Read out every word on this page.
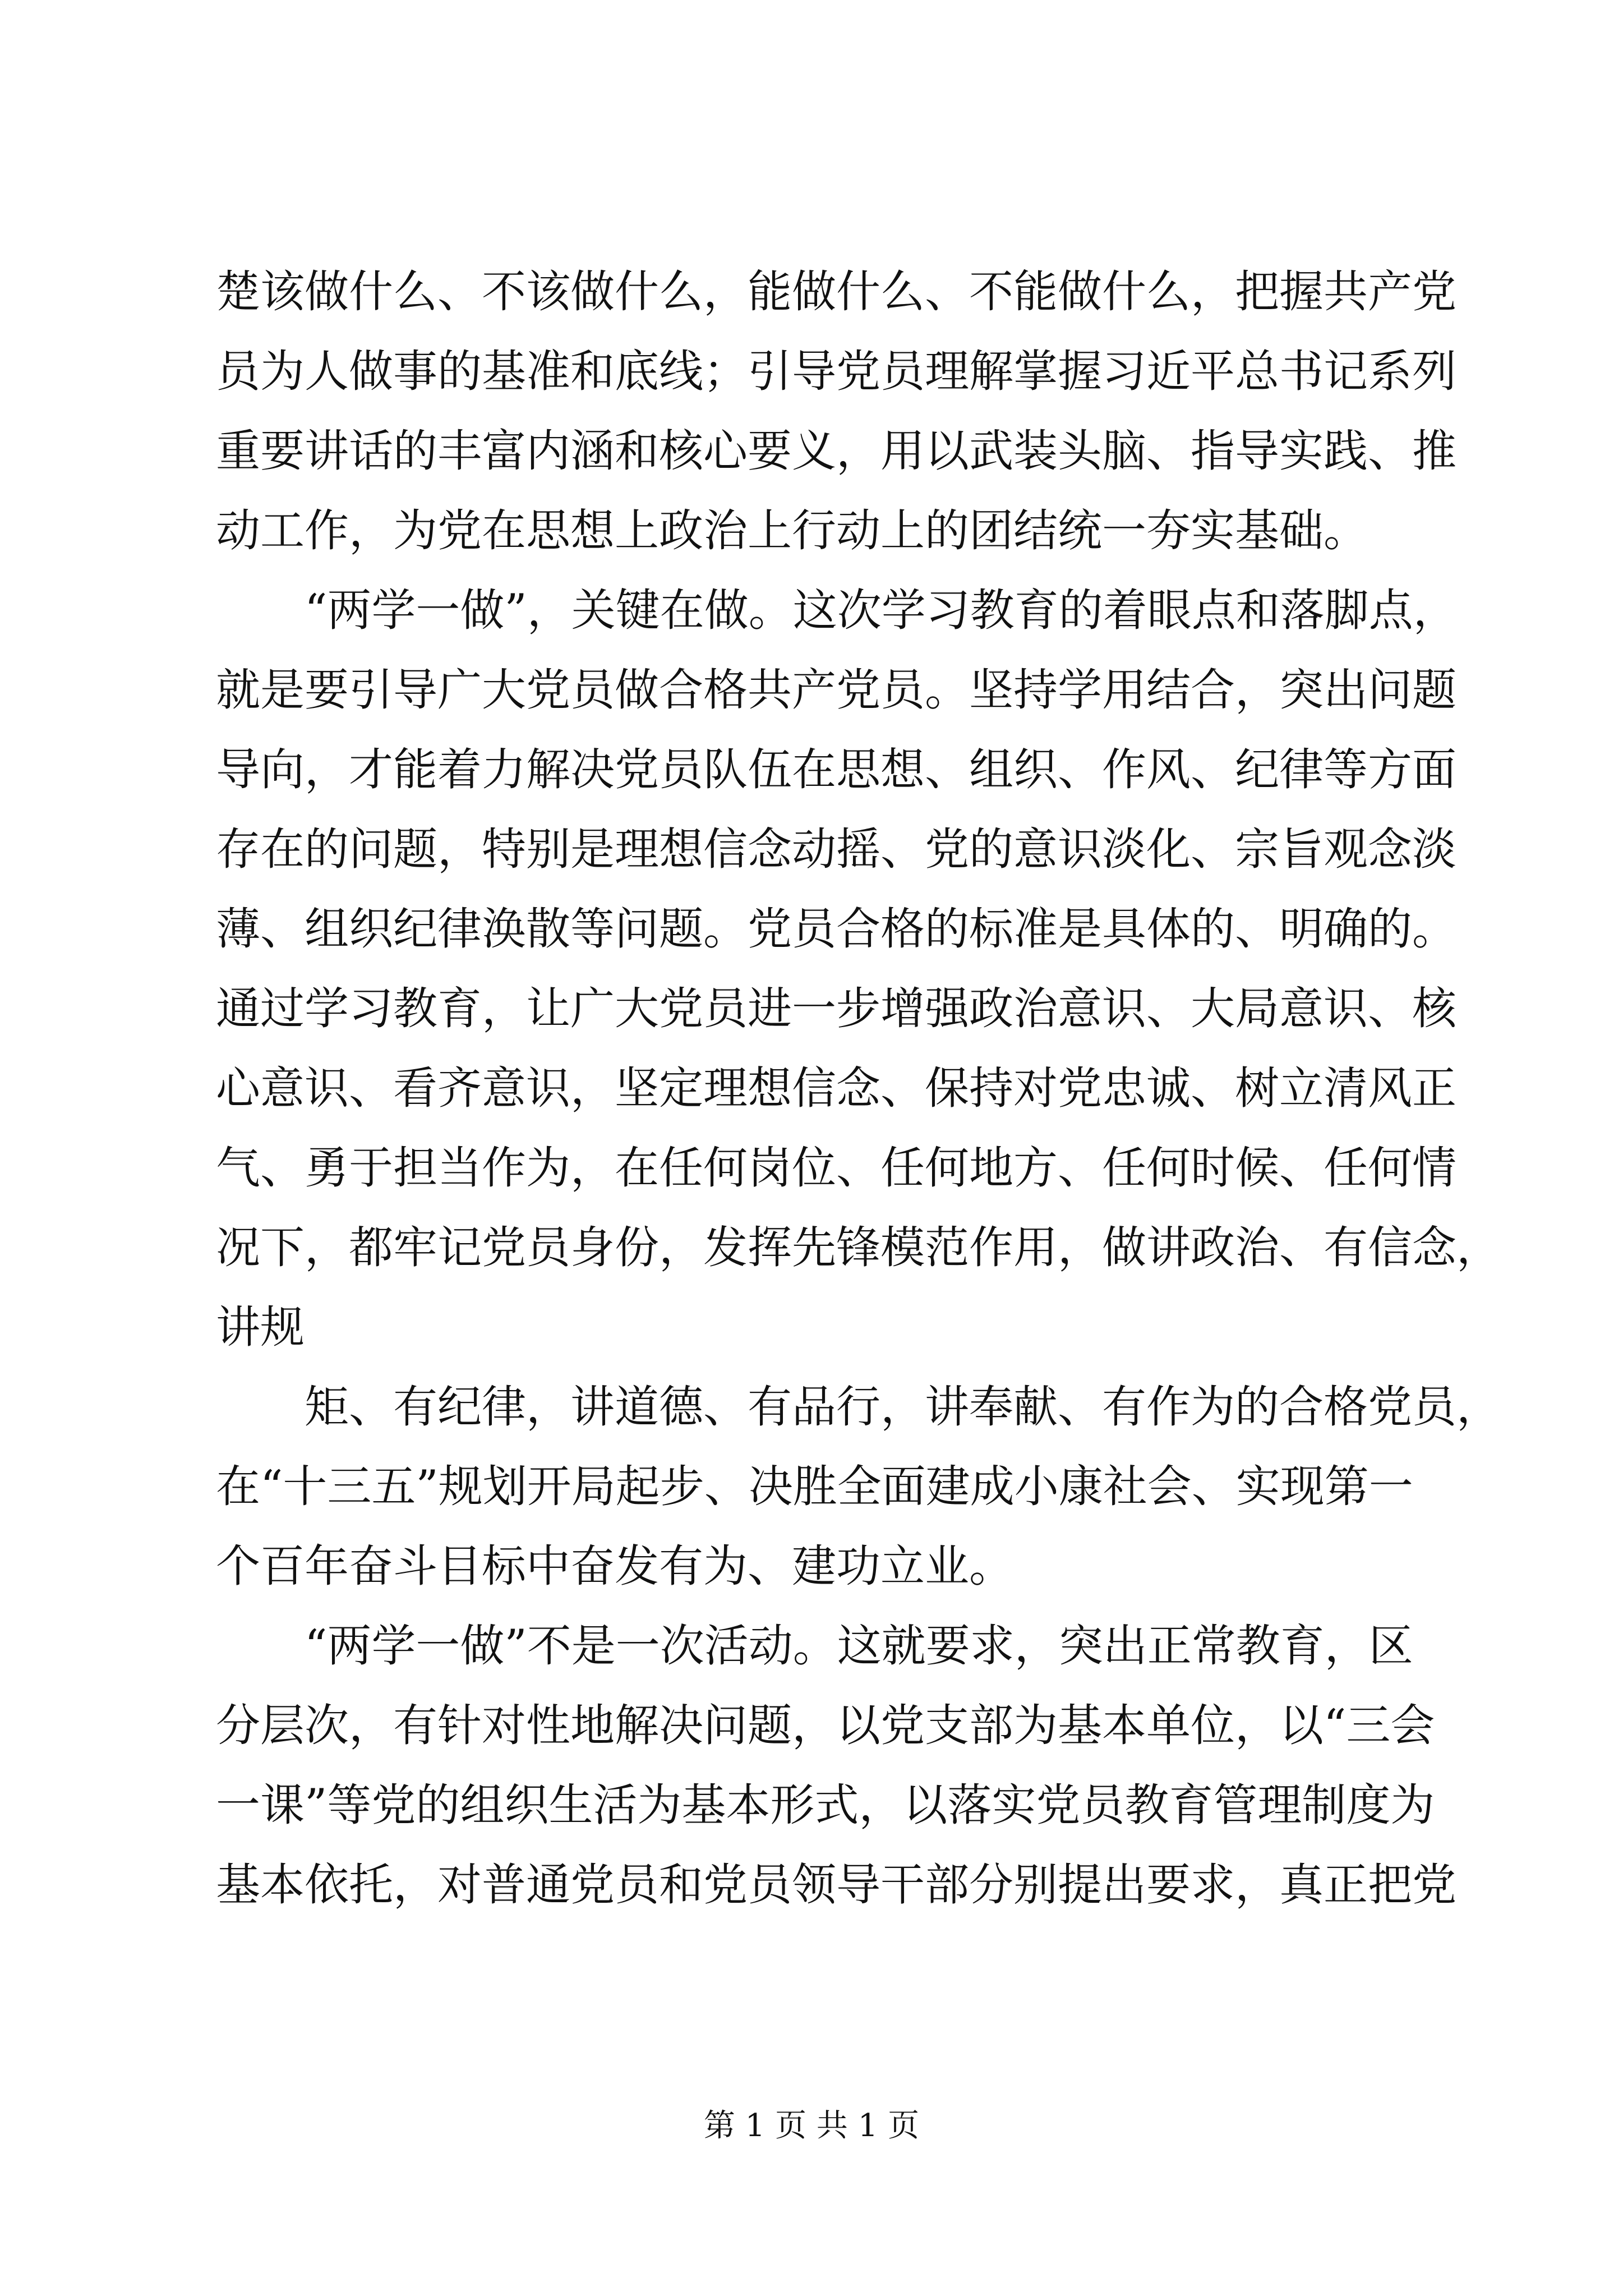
楚该做什么、不该做什么，能做什么、不能做什么，把握共产党
员为人做事的基准和底线；引导党员理解掌握习近平总书记系列
重要讲话的丰富内涵和核心要义，用以武装头脑、指导实践、推
动工作，为党在思想上政治上行动上的团结统一夯实基础。
　　“两学一做”，关键在做。这次学习教育的着眼点和落脚点，
就是要引导广大党员做合格共产党员。坚持学用结合，突出问题
导向，才能着力解决党员队伍在思想、组织、作风、纪律等方面
存在的问题，特别是理想信念动摇、党的意识淡化、宗旨观念淡
薄、组织纪律涣散等问题。党员合格的标准是具体的、明确的。
通过学习教育，让广大党员进一步增强政治意识、大局意识、核
心意识、看齐意识，坚定理想信念、保持对党忠诚、树立清风正
气、勇于担当作为，在任何岗位、任何地方、任何时候、任何情
况下，都牢记党员身份，发挥先锋模范作用，做讲政治、有信念，
讲规
　　矩、有纪律，讲道德、有品行，讲奉献、有作为的合格党员，
在“十三五”规划开局起步、决胜全面建成小康社会、实现第一
个百年奋斗目标中奋发有为、建功立业。
　　“两学一做”不是一次活动。这就要求，突出正常教育，区
分层次，有针对性地解决问题，以党支部为基本单位，以“三会
一课”等党的组织生活为基本形式，以落实党员教育管理制度为
基本依托，对普通党员和党员领导干部分别提出要求，真正把党
第 1 页 共 1 页
